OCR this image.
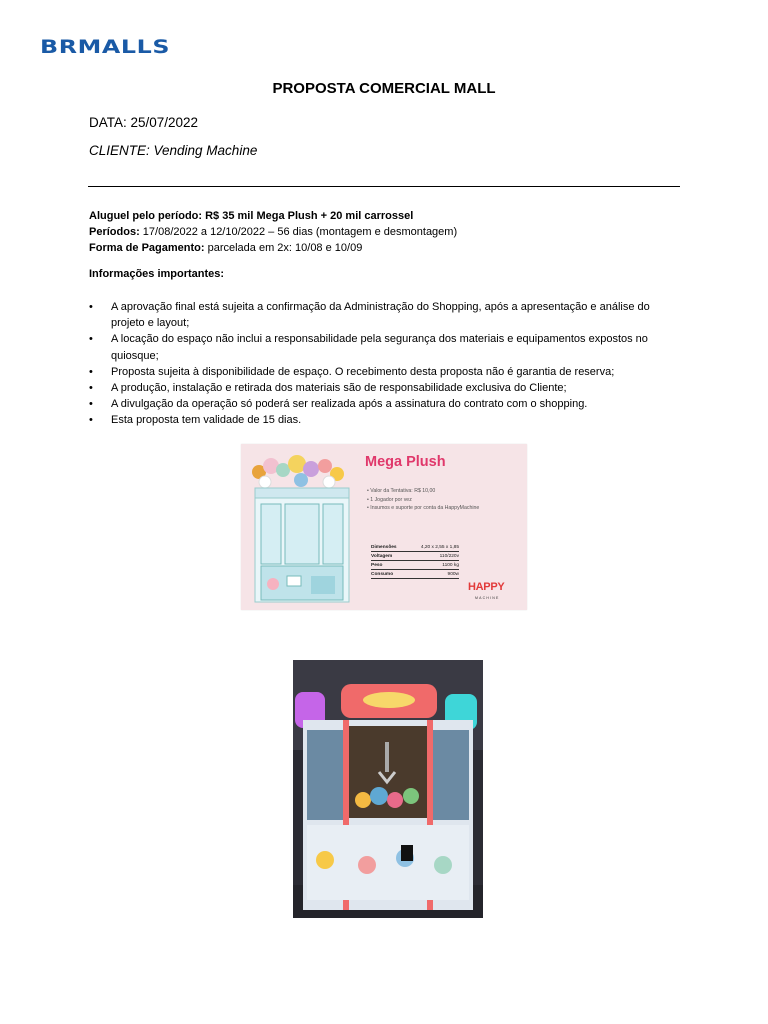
BRMALLS
PROPOSTA COMERCIAL MALL
DATA: 25/07/2022
CLIENTE: Vending Machine
Aluguel pelo período: R$ 35 mil Mega Plush + 20 mil carrossel
Períodos: 17/08/2022 a 12/10/2022 – 56 dias (montagem e desmontagem)
Forma de Pagamento: parcelada em 2x: 10/08 e 10/09
Informações importantes:
• A aprovação final está sujeita a confirmação da Administração do Shopping, após a apresentação e análise do projeto e layout;
• A locação do espaço não inclui a responsabilidade pela segurança dos materiais e equipamentos expostos no quiosque;
• Proposta sujeita à disponibilidade de espaço. O recebimento desta proposta não é garantia de reserva;
• A produção, instalação e retirada dos materiais são de responsabilidade exclusiva do Cliente;
• A divulgação da operação só poderá ser realizada após a assinatura do contrato com o shopping.
• Esta proposta tem validade de 15 dias.
Mega Plush
• Valor da Tentativa: R$ 10,00
• 1 Jogador por vez
• Insumos e suporte por conta da HappyMachine
Dimensões	4,20 x 2,55 x 1,85
Voltagem	110/220v
Peso	1100 kg
Consumo	900w
HAPPY
MACHINE
